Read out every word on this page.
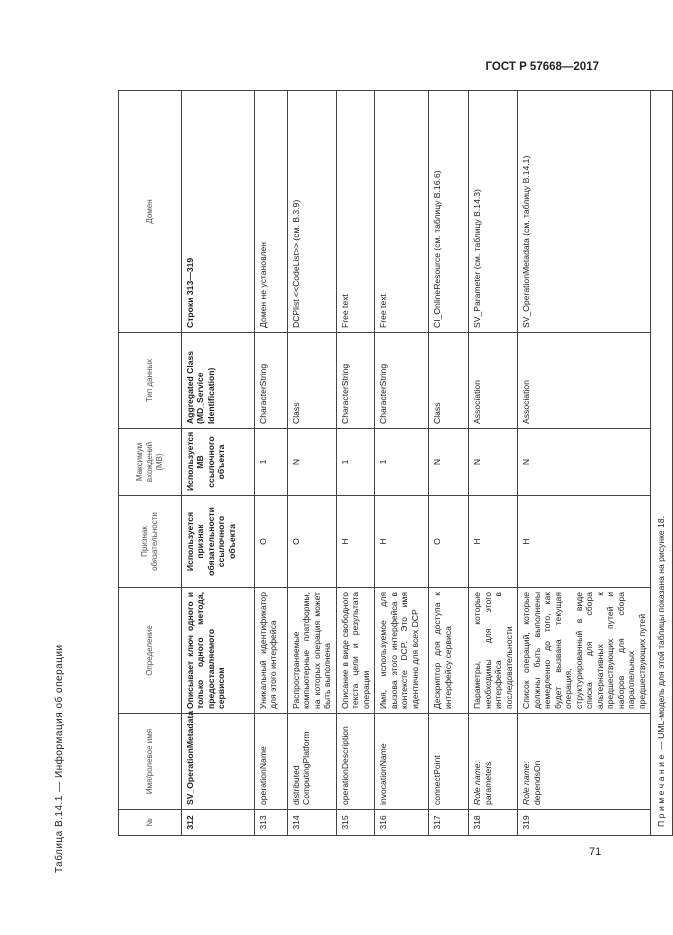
ГОСТ Р 57668—2017
Таблица В.14.1 — Информация об операции	№	Имя/ролевое имя	Определение	Признак обязательности	Максимум вхождений (МВ)	Тип данных	Домен
312	SV_OperationMetadata	Описывает ключ одного и только одного метода, предоставляемого сервисом	Используется признак обязательности ссылочного объекта	Используется МВ ссылочного объекта	Aggregated Class (MD_Service Identification)	Строки 313—319
313	operationName	Уникальный идентификатор для этого интерфейса	О	1	CharacterString	Домен не установлен
314	distributed ComputingPlatform	Распространяемые компьютерные платформы, на которых операция может быть выполнена	О	N	Class	DCPlist <<CodeList>> (см. В.3.9)
315	operationDescription	Описание в виде свободного текста цели и результата операции	Н	1	CharacterString	Free text
316	invocationName	Имя, используемое для вызова этого интерфейса в контексте DCP. Это имя идентично для всех DCP	Н	1	CharacterString	Free text
317	connectPoint	Дескриптор для доступа к интерфейсу сервиса	О	N	Class	CI_OnlineResource (см. таблицу В.16.6)
318	Role name: parameters	Параметры, которые необходимы для этого интерфейса в последовательности	Н	N	Association	SV_Parameter (см. таблицу В.14.3)
319	Role name: dependsOn	Список операций, которые должны быть выполнены немедленно до того, как будет вызвана текущая операция, структурированный в виде списка для сбора альтернативных к предшествующих путей и наборов для сбора параллельных предшествующих путей	Н	N	Association	SV_OperationMetadata (см. таблицу В.14.1)
Примечание — UML-модель для этой таблицы показана на рисунке 18.						
71
